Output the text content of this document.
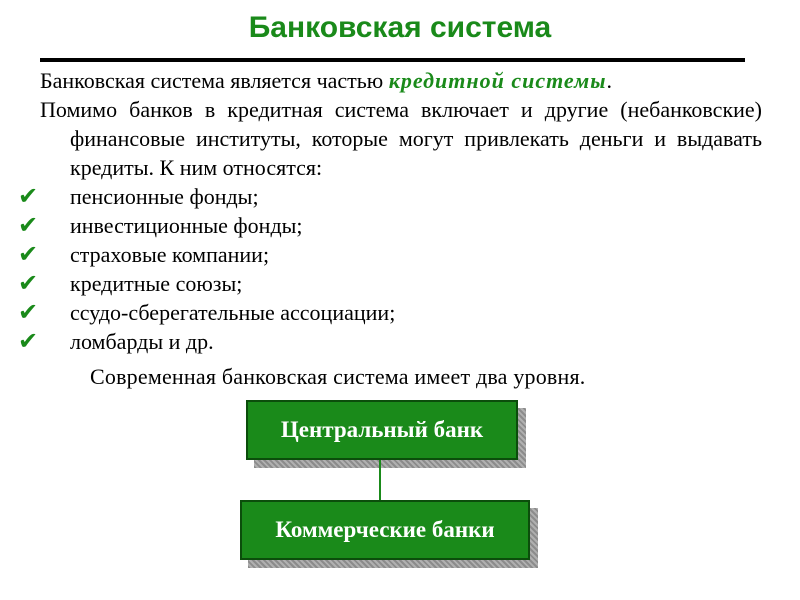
Банковская система
Банковская система является частью кредитной системы.
Помимо банков в кредитная система включает и другие (небанковские) финансовые институты, которые могут привлекать деньги и выдавать кредиты. К ним относятся:
✔	пенсионные фонды;
✔	инвестиционные фонды;
✔	страховые компании;
✔	кредитные союзы;
✔	ссудо-сберегательные ассоциации;
✔	ломбарды и др.
Современная банковская система имеет два уровня.
Центральный банк
Коммерческие банки
